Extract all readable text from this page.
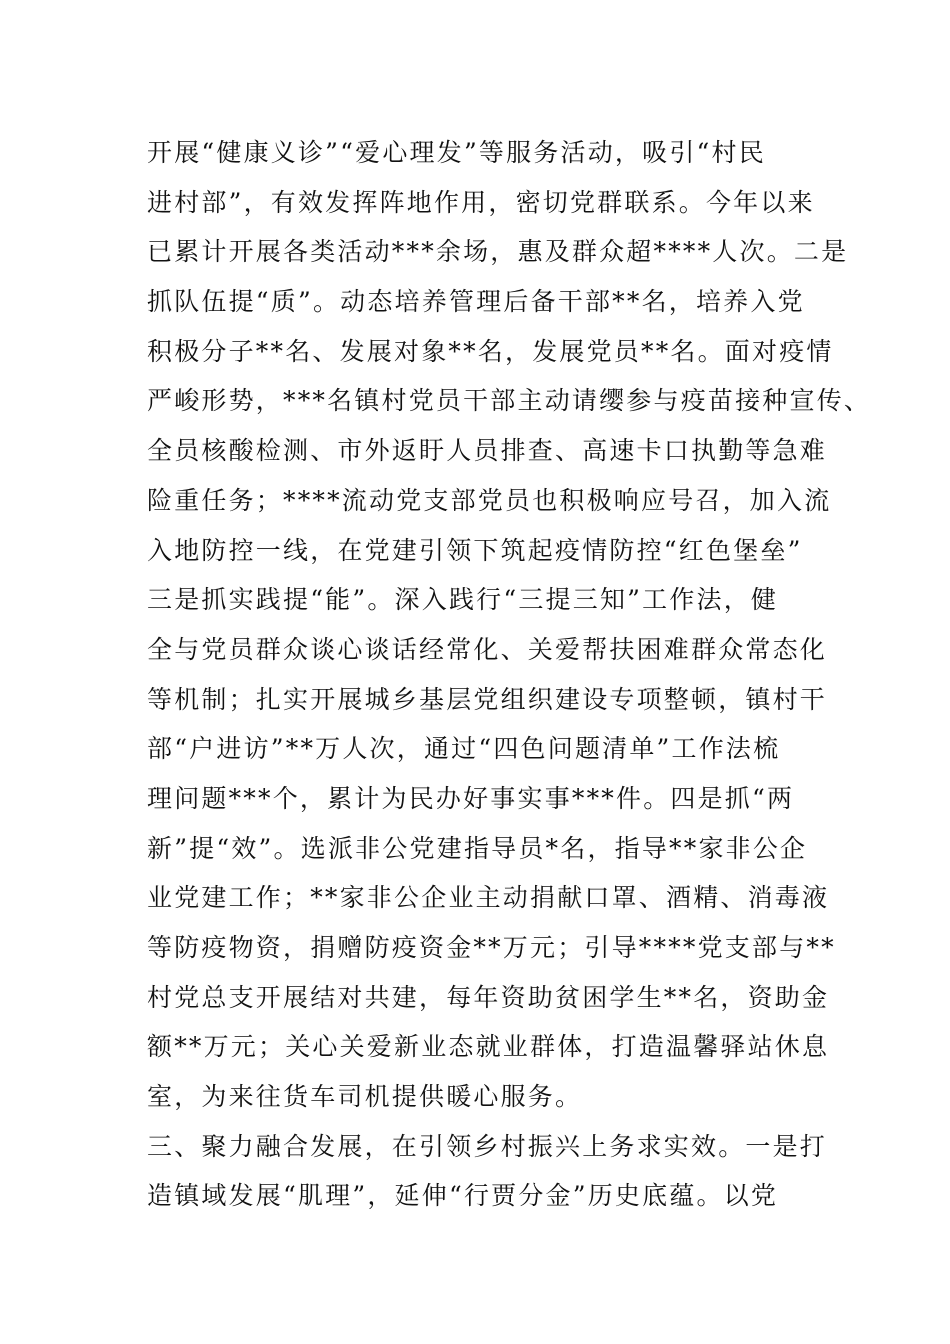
开展“健康义诊”“爱心理发”等服务活动，吸引“村民
进村部”，有效发挥阵地作用，密切党群联系。今年以来
已累计开展各类活动***余场，惠及群众超****人次。二是
抓队伍提“质”。动态培养管理后备干部**名，培养入党
积极分子**名、发展对象**名，发展党员**名。面对疫情
严峻形势，***名镇村党员干部主动请缨参与疫苗接种宣传、
全员核酸检测、市外返盱人员排查、高速卡口执勤等急难
险重任务；****流动党支部党员也积极响应号召，加入流
入地防控一线，在党建引领下筑起疫情防控“红色堡垒”
三是抓实践提“能”。深入践行“三提三知”工作法，健
全与党员群众谈心谈话经常化、关爱帮扶困难群众常态化
等机制；扎实开展城乡基层党组织建设专项整顿，镇村干
部“户进访”**万人次，通过“四色问题清单”工作法梳
理问题***个，累计为民办好事实事***件。四是抓“两
新”提“效”。选派非公党建指导员*名，指导**家非公企
业党建工作；**家非公企业主动捐献口罩、酒精、消毒液
等防疫物资，捐赠防疫资金**万元；引导****党支部与**
村党总支开展结对共建，每年资助贫困学生**名，资助金
额**万元；关心关爱新业态就业群体，打造温馨驿站休息
室，为来往货车司机提供暖心服务。
三、聚力融合发展，在引领乡村振兴上务求实效。一是打
造镇域发展“肌理”，延伸“行贾分金”历史底蕴。以党
